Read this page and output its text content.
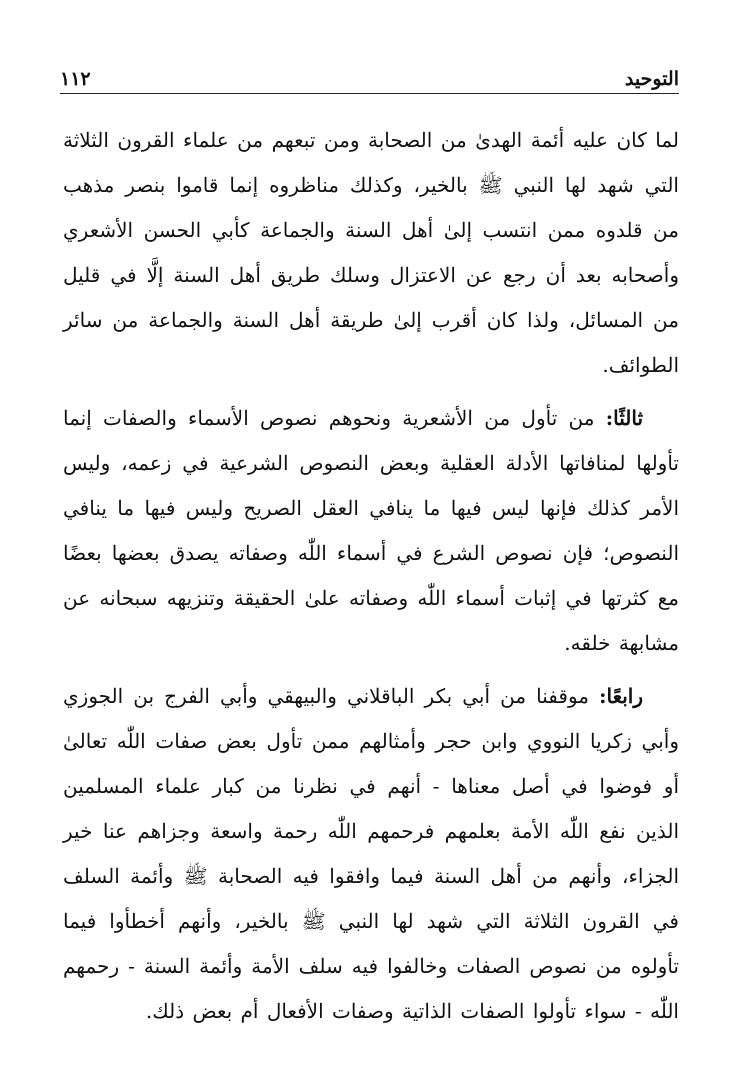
التوحيد
١١٢

لما كان عليه أئمة الهدىٰ من الصحابة ومن تبعهم من علماء القرون الثلاثة التي شهد لها النبي ﷺ بالخير، وكذلك مناظروه إنما قاموا بنصر مذهب من قلدوه ممن انتسب إلىٰ أهل السنة والجماعة كأبي الحسن الأشعري وأصحابه بعد أن رجع عن الاعتزال وسلك طريق أهل السنة إلَّا في قليل من المسائل، ولذا كان أقرب إلىٰ طريقة أهل السنة والجماعة من سائر الطوائف.

ثالثًا: من تأول من الأشعرية ونحوهم نصوص الأسماء والصفات إنما تأولها لمنافاتها الأدلة العقلية وبعض النصوص الشرعية في زعمه، وليس الأمر كذلك فإنها ليس فيها ما ينافي العقل الصريح وليس فيها ما ينافي النصوص؛ فإن نصوص الشرع في أسماء اللّٰه وصفاته يصدق بعضها بعضًا مع كثرتها في إثبات أسماء اللّٰه وصفاته علىٰ الحقيقة وتنزيهه سبحانه عن مشابهة خلقه.

رابعًا: موقفنا من أبي بكر الباقلاني والبيهقي وأبي الفرج بن الجوزي وأبي زكريا النووي وابن حجر وأمثالهم ممن تأول بعض صفات اللّٰه تعالىٰ أو فوضوا في أصل معناها - أنهم في نظرنا من كبار علماء المسلمين الذين نفع اللّٰه الأمة بعلمهم فرحمهم اللّٰه رحمة واسعة وجزاهم عنا خير الجزاء، وأنهم من أهل السنة فيما وافقوا فيه الصحابة ﷺ وأئمة السلف في القرون الثلاثة التي شهد لها النبي ﷺ بالخير، وأنهم أخطأوا فيما تأولوه من نصوص الصفات وخالفوا فيه سلف الأمة وأئمة السنة - رحمهم اللّٰه - سواء تأولوا الصفات الذاتية وصفات الأفعال أم بعض ذلك.
